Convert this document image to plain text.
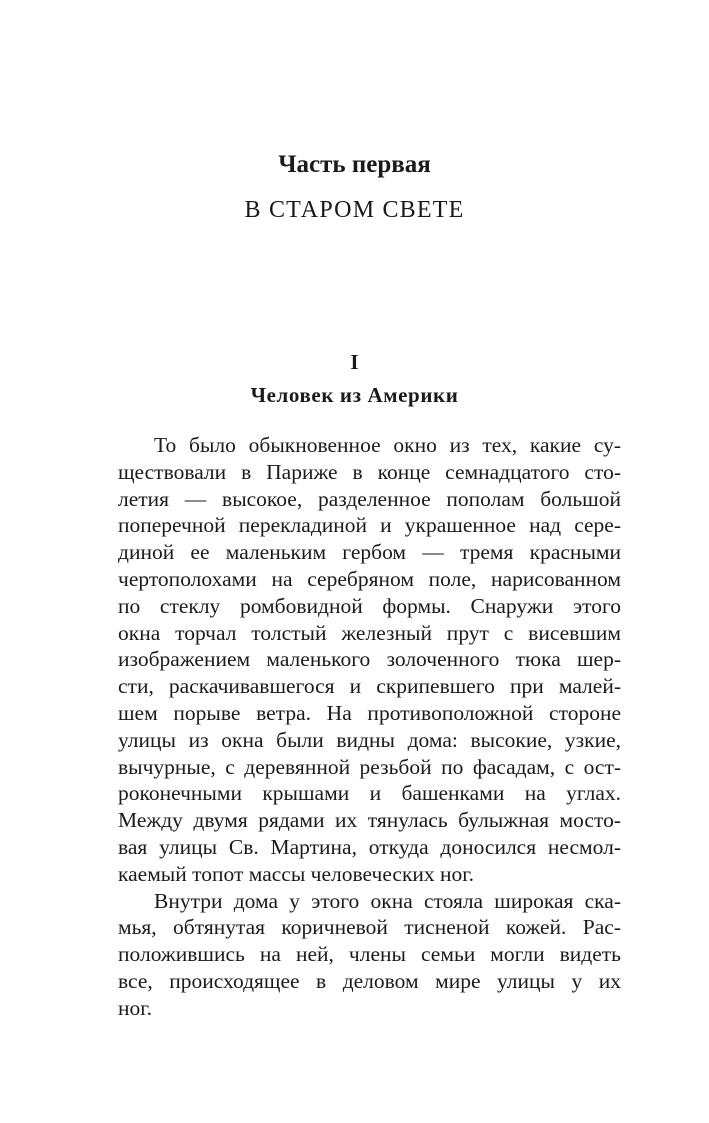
Часть первая
В СТАРОМ СВЕТЕ
I
Человек из Америки
То было обыкновенное окно из тех, какие су-
ществовали в Париже в конце семнадцатого сто-
летия — высокое, разделенное пополам большой
поперечной перекладиной и украшенное над сере-
диной ее маленьким гербом — тремя красными
чертополохами на серебряном поле, нарисованном
по стеклу ромбовидной формы. Снаружи этого
окна торчал толстый железный прут с висевшим
изображением маленького золоченного тюка шер-
сти, раскачивавшегося и скрипевшего при малей-
шем порыве ветра. На противоположной стороне
улицы из окна были видны дома: высокие, узкие,
вычурные, с деревянной резьбой по фасадам, с ост-
роконечными крышами и башенками на углах.
Между двумя рядами их тянулась булыжная мосто-
вая улицы Св. Мартина, откуда доносился несмол-
каемый топот массы человеческих ног.
Внутри дома у этого окна стояла широкая ска-
мья, обтянутая коричневой тисненой кожей. Рас-
положившись на ней, члены семьи могли видеть
все, происходящее в деловом мире улицы у их
ног.
